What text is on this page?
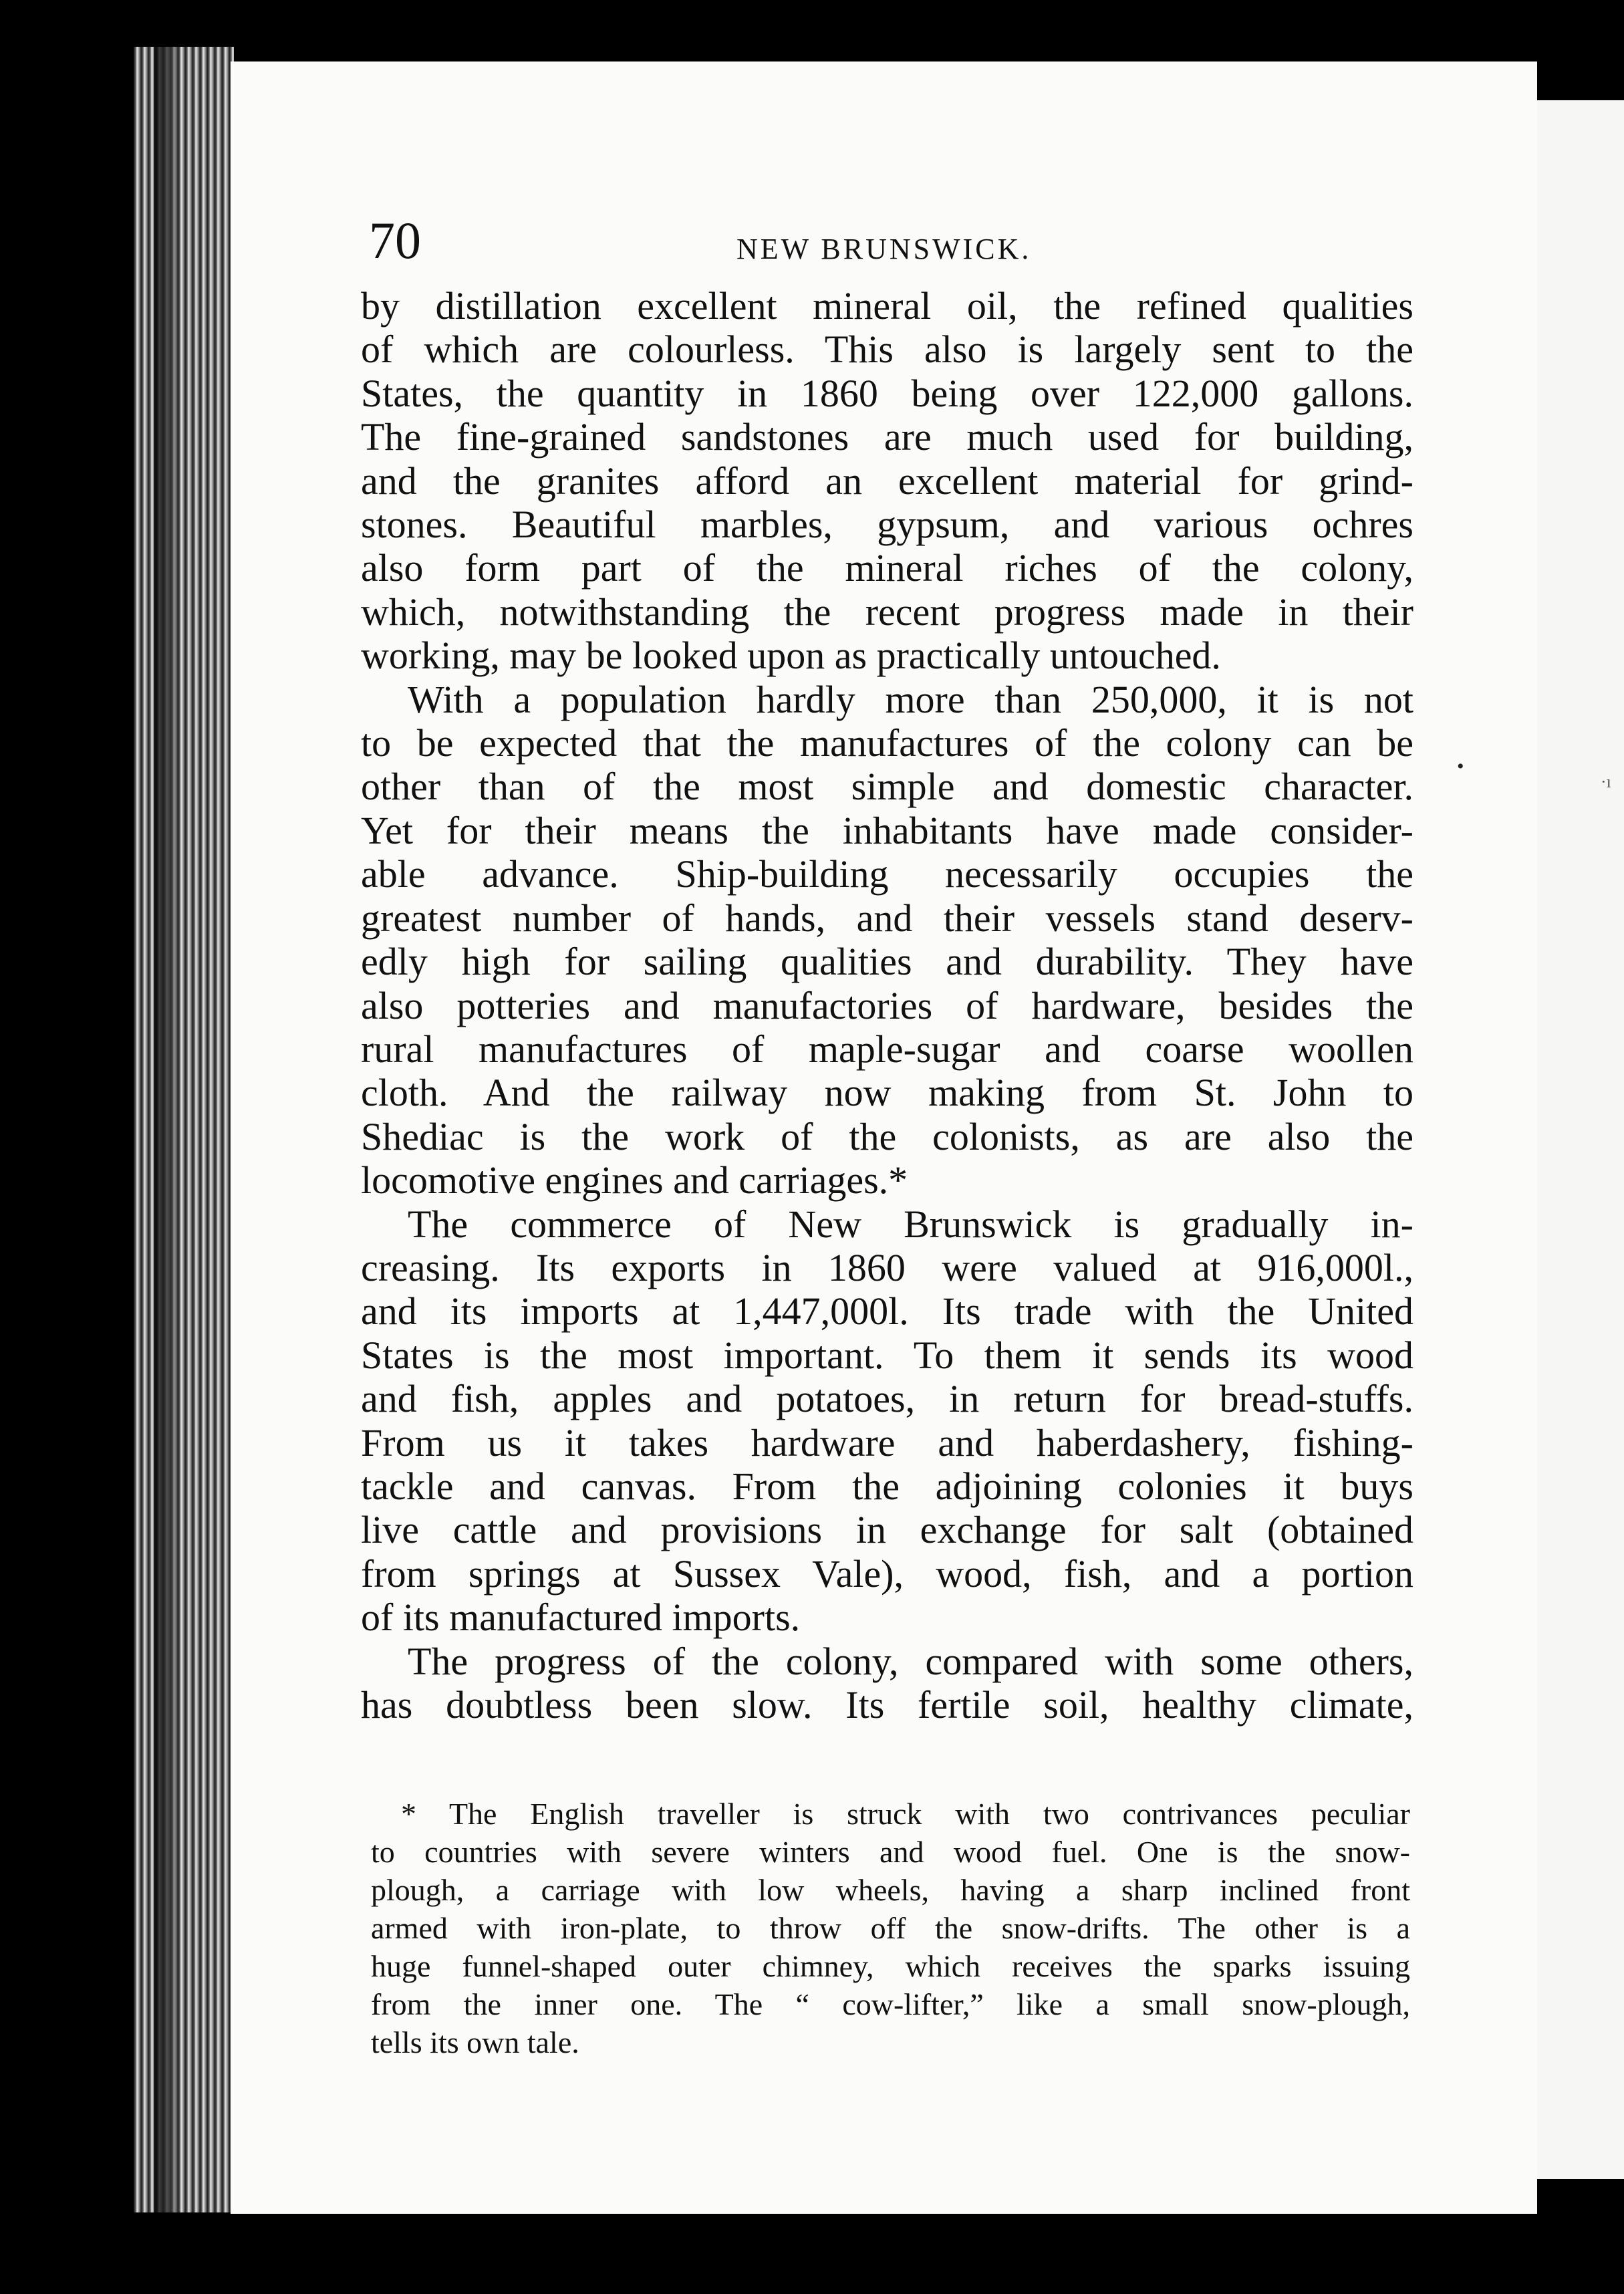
70	NEW BRUNSWICK.
by distillation excellent mineral oil, the refined qualities
of which are colourless. This also is largely sent to the
States, the quantity in 1860 being over 122,000 gallons.
The fine-grained sandstones are much used for building,
and the granites afford an excellent material for grind-
stones. Beautiful marbles, gypsum, and various ochres
also form part of the mineral riches of the colony,
which, notwithstanding the recent progress made in their
working, may be looked upon as practically untouched.
With a population hardly more than 250,000, it is not
to be expected that the manufactures of the colony can be
other than of the most simple and domestic character.
Yet for their means the inhabitants have made consider-
able advance. Ship-building necessarily occupies the
greatest number of hands, and their vessels stand deserv-
edly high for sailing qualities and durability. They have
also potteries and manufactories of hardware, besides the
rural manufactures of maple-sugar and coarse woollen
cloth. And the railway now making from St. John to
Shediac is the work of the colonists, as are also the
locomotive engines and carriages.*
The commerce of New Brunswick is gradually in-
creasing. Its exports in 1860 were valued at 916,000l.,
and its imports at 1,447,000l. Its trade with the United
States is the most important. To them it sends its wood
and fish, apples and potatoes, in return for bread-stuffs.
From us it takes hardware and haberdashery, fishing-
tackle and canvas. From the adjoining colonies it buys
live cattle and provisions in exchange for salt (obtained
from springs at Sussex Vale), wood, fish, and a portion
of its manufactured imports.
The progress of the colony, compared with some others,
has doubtless been slow. Its fertile soil, healthy climate,
* The English traveller is struck with two contrivances peculiar
to countries with severe winters and wood fuel. One is the snow-
plough, a carriage with low wheels, having a sharp inclined front
armed with iron-plate, to throw off the snow-drifts. The other is a
huge funnel-shaped outer chimney, which receives the sparks issuing
from the inner one. The “ cow-lifter,” like a small snow-plough,
tells its own tale.
•
·ı
